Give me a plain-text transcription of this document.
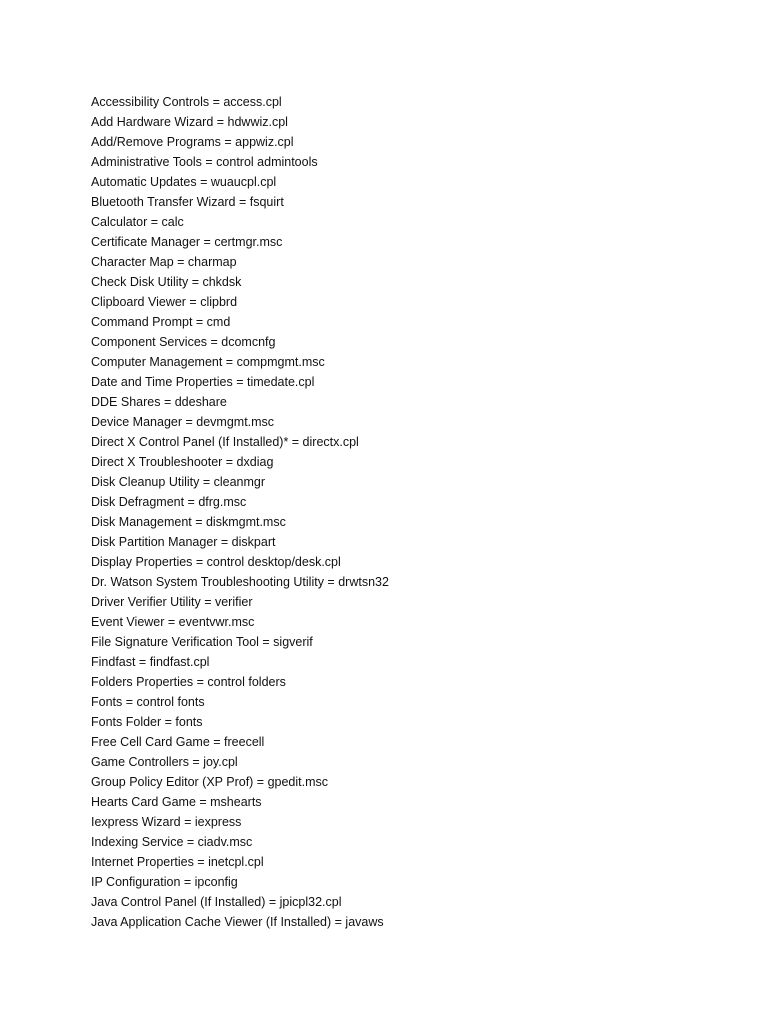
Accessibility Controls = access.cpl
Add Hardware Wizard = hdwwiz.cpl
Add/Remove Programs = appwiz.cpl
Administrative Tools = control admintools
Automatic Updates = wuaucpl.cpl
Bluetooth Transfer Wizard = fsquirt
Calculator = calc
Certificate Manager = certmgr.msc
Character Map = charmap
Check Disk Utility = chkdsk
Clipboard Viewer = clipbrd
Command Prompt = cmd
Component Services = dcomcnfg
Computer Management = compmgmt.msc
Date and Time Properties = timedate.cpl
DDE Shares = ddeshare
Device Manager = devmgmt.msc
Direct X Control Panel (If Installed)* = directx.cpl
Direct X Troubleshooter = dxdiag
Disk Cleanup Utility = cleanmgr
Disk Defragment = dfrg.msc
Disk Management = diskmgmt.msc
Disk Partition Manager = diskpart
Display Properties = control desktop/desk.cpl
Dr. Watson System Troubleshooting Utility = drwtsn32
Driver Verifier Utility = verifier
Event Viewer = eventvwr.msc
File Signature Verification Tool = sigverif
Findfast = findfast.cpl
Folders Properties = control folders
Fonts = control fonts
Fonts Folder = fonts
Free Cell Card Game = freecell
Game Controllers = joy.cpl
Group Policy Editor (XP Prof) = gpedit.msc
Hearts Card Game = mshearts
Iexpress Wizard = iexpress
Indexing Service = ciadv.msc
Internet Properties = inetcpl.cpl
IP Configuration = ipconfig
Java Control Panel (If Installed) = jpicpl32.cpl
Java Application Cache Viewer (If Installed) = javaws
